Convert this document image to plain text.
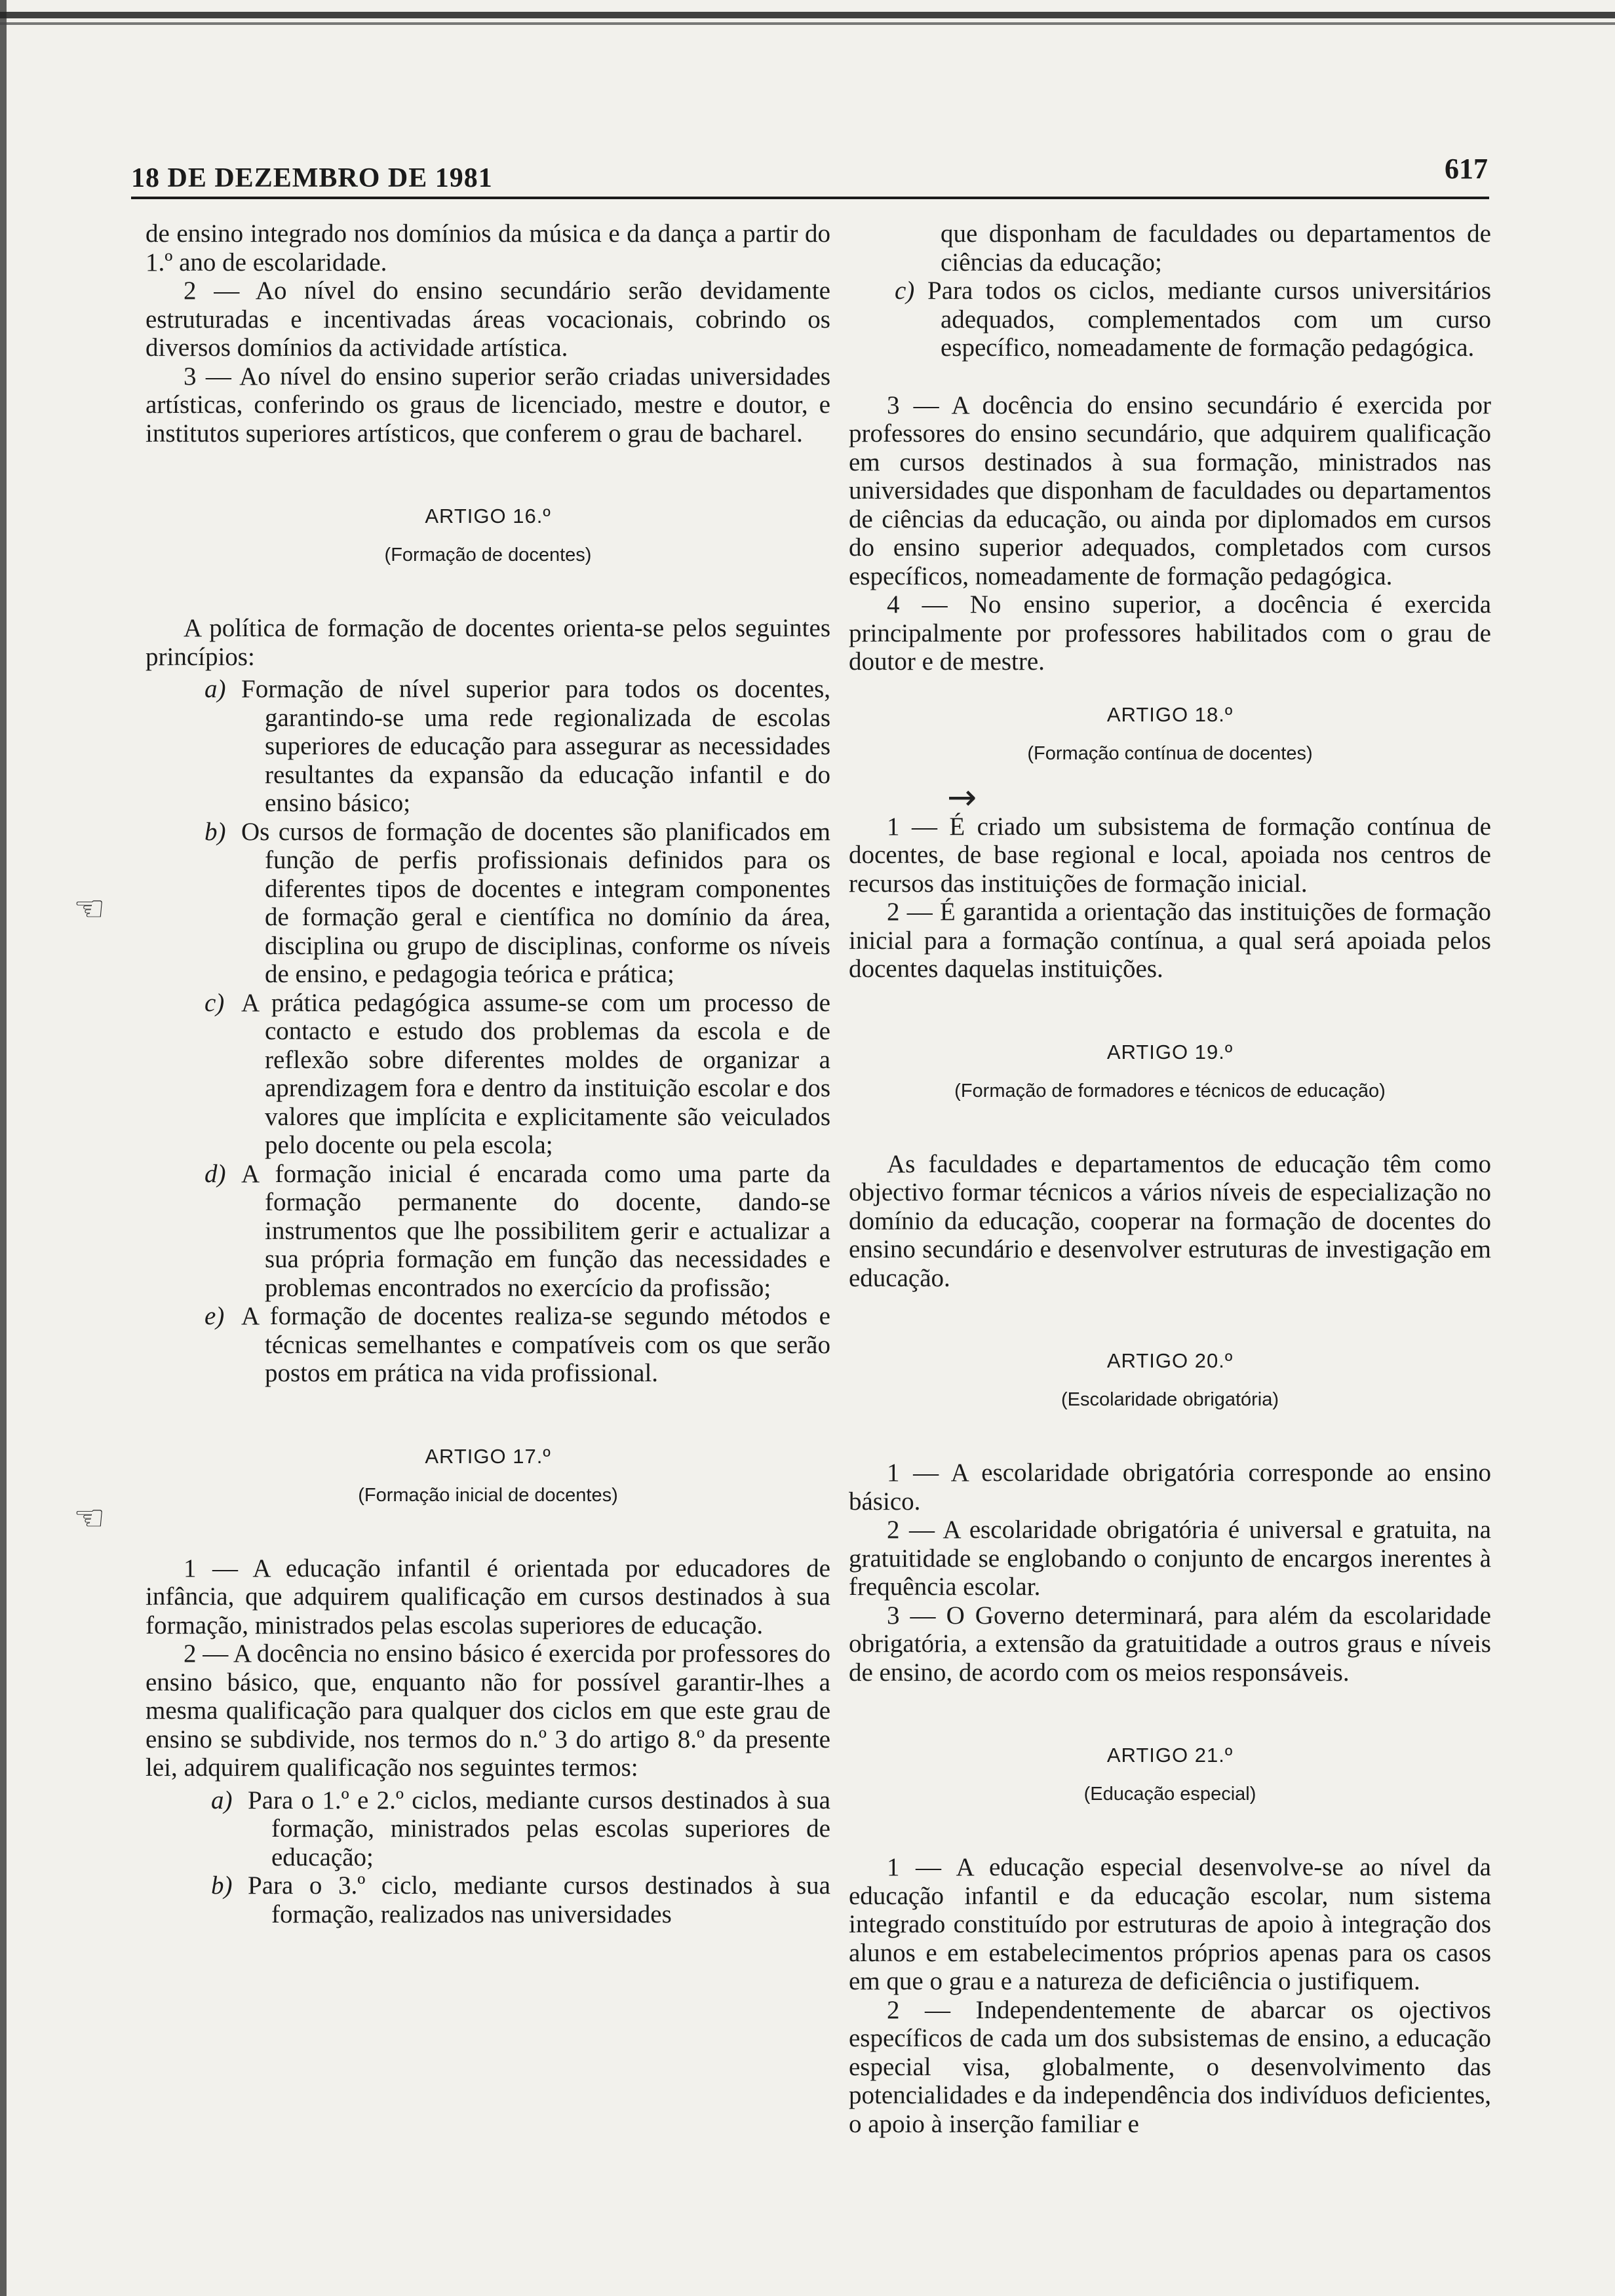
18 DE DEZEMBRO DE 1981	617

de ensino integrado nos domínios da música e da dança a partir do 1.º ano de escolaridade.

2 — Ao nível do ensino secundário serão devidamente estruturadas e incentivadas áreas vocacionais, cobrindo os diversos domínios da actividade artística.

3 — Ao nível do ensino superior serão criadas universidades artísticas, conferindo os graus de licenciado, mestre e doutor, e institutos superiores artísticos, que conferem o grau de bacharel.

ARTIGO 16.º

(Formação de docentes)

A política de formação de docentes orienta-se pelos seguintes princípios:

a) Formação de nível superior para todos os docentes, garantindo-se uma rede regionalizada de escolas superiores de educação para assegurar as necessidades resultantes da expansão da educação infantil e do ensino básico;

b) Os cursos de formação de docentes são planificados em função de perfis profissionais definidos para os diferentes tipos de docentes e integram componentes de formação geral e científica no domínio da área, disciplina ou grupo de disciplinas, conforme os níveis de ensino, e pedagogia teórica e prática;

c) A prática pedagógica assume-se com um processo de contacto e estudo dos problemas da escola e de reflexão sobre diferentes moldes de organizar a aprendizagem fora e dentro da instituição escolar e dos valores que implícita e explicitamente são veiculados pelo docente ou pela escola;

d) A formação inicial é encarada como uma parte da formação permanente do docente, dando-se instrumentos que lhe possibilitem gerir e actualizar a sua própria formação em função das necessidades e problemas encontrados no exercício da profissão;

e) A formação de docentes realiza-se segundo métodos e técnicas semelhantes e compatíveis com os que serão postos em prática na vida profissional.

ARTIGO 17.º

(Formação inicial de docentes)

1 — A educação infantil é orientada por educadores de infância, que adquirem qualificação em cursos destinados à sua formação, ministrados pelas escolas superiores de educação.

2 — A docência no ensino básico é exercida por professores do ensino básico, que, enquanto não for possível garantir-lhes a mesma qualificação para qualquer dos ciclos em que este grau de ensino se subdivide, nos termos do n.º 3 do artigo 8.º da presente lei, adquirem qualificação nos seguintes termos:

a) Para o 1.º e 2.º ciclos, mediante cursos destinados à sua formação, ministrados pelas escolas superiores de educação;

b) Para o 3.º ciclo, mediante cursos destinados à sua formação, realizados nas universidades

que disponham de faculdades ou departamentos de ciências da educação;

c) Para todos os ciclos, mediante cursos universitários adequados, complementados com um curso específico, nomeadamente de formação pedagógica.

3 — A docência do ensino secundário é exercida por professores do ensino secundário, que adquirem qualificação em cursos destinados à sua formação, ministrados nas universidades que disponham de faculdades ou departamentos de ciências da educação, ou ainda por diplomados em cursos do ensino superior adequados, completados com cursos específicos, nomeadamente de formação pedagógica.

4 — No ensino superior, a docência é exercida principalmente por professores habilitados com o grau de doutor e de mestre.

ARTIGO 18.º

(Formação contínua de docentes)

1 — É criado um subsistema de formação contínua de docentes, de base regional e local, apoiada nos centros de recursos das instituições de formação inicial.

2 — É garantida a orientação das instituições de formação inicial para a formação contínua, a qual será apoiada pelos docentes daquelas instituições.

ARTIGO 19.º

(Formação de formadores e técnicos de educação)

As faculdades e departamentos de educação têm como objectivo formar técnicos a vários níveis de especialização no domínio da educação, cooperar na formação de docentes do ensino secundário e desenvolver estruturas de investigação em educação.

ARTIGO 20.º

(Escolaridade obrigatória)

1 — A escolaridade obrigatória corresponde ao ensino básico.

2 — A escolaridade obrigatória é universal e gratuita, na gratuitidade se englobando o conjunto de encargos inerentes à frequência escolar.

3 — O Governo determinará, para além da escolaridade obrigatória, a extensão da gratuitidade a outros graus e níveis de ensino, de acordo com os meios responsáveis.

ARTIGO 21.º

(Educação especial)

1 — A educação especial desenvolve-se ao nível da educação infantil e da educação escolar, num sistema integrado constituído por estruturas de apoio à integração dos alunos e em estabelecimentos próprios apenas para os casos em que o grau e a natureza de deficiência o justifiquem.

2 — Independentemente de abarcar os ojectivos específicos de cada um dos subsistemas de ensino, a educação especial visa, globalmente, o desenvolvimento das potencialidades e da independência dos indivíduos deficientes, o apoio à inserção familiar e

☜
☜
→
